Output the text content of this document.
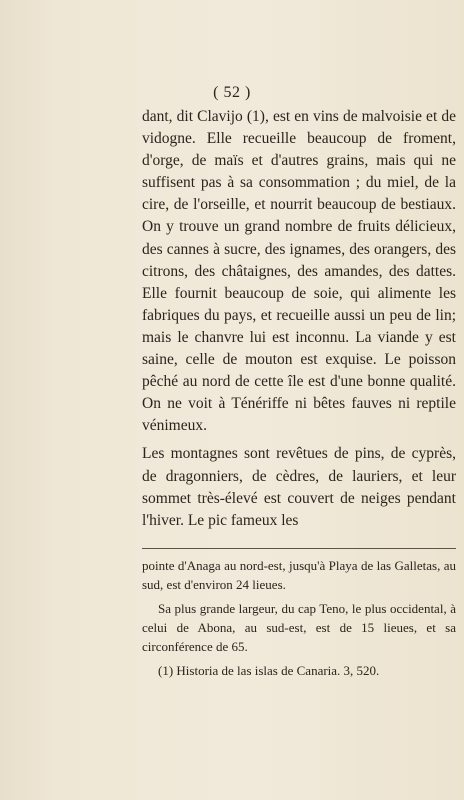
( 52 )

dant, dit Clavijo (1), est en vins de malvoisie et de vidogne. Elle recueille beaucoup de froment, d'orge, de maïs et d'autres grains, mais qui ne suffisent pas à sa consommation ; du miel, de la cire, de l'orseille, et nourrit beaucoup de bestiaux. On y trouve un grand nombre de fruits délicieux, des cannes à sucre, des ignames, des orangers, des citrons, des châtaignes, des amandes, des dattes. Elle fournit beaucoup de soie, qui alimente les fabriques du pays, et recueille aussi un peu de lin; mais le chanvre lui est inconnu. La viande y est saine, celle de mouton est exquise. Le poisson pêché au nord de cette île est d'une bonne qualité. On ne voit à Ténériffe ni bêtes fauves ni reptile vénimeux.

Les montagnes sont revêtues de pins, de cyprès, de dragonniers, de cèdres, de lauriers, et leur sommet très-élevé est couvert de neiges pendant l'hiver. Le pic fameux les

pointe d'Anaga au nord-est, jusqu'à Playa de las Galletas, au sud, est d'environ 24 lieues.

Sa plus grande largeur, du cap Teno, le plus occidental, à celui de Abona, au sud-est, est de 15 lieues, et sa circonférence de 65.

(1) Historia de las islas de Canaria. 3, 520.
